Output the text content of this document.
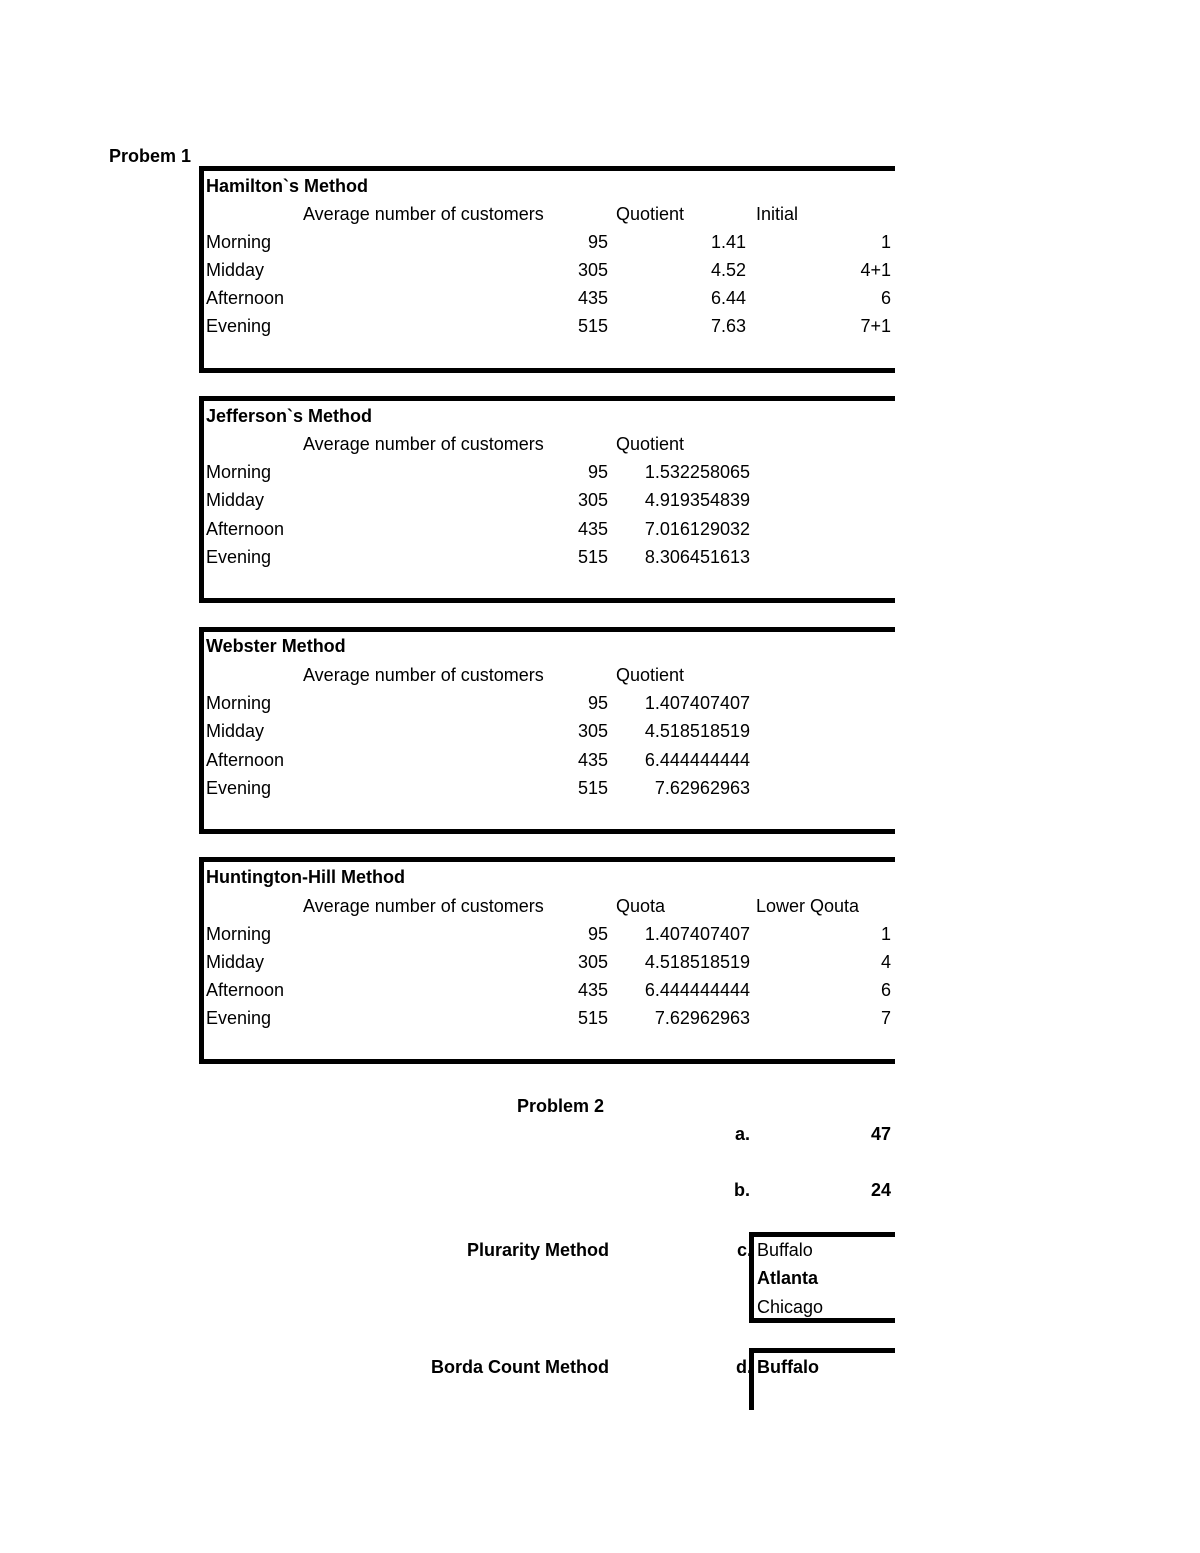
Probem 1
Hamilton`s Method
Average number of customers	Quotient	Initial
Morning	95	1.41	1
Midday	305	4.52	4+1
Afternoon	435	6.44	6
Evening	515	7.63	7+1
Jefferson`s Method
Average number of customers	Quotient
Morning	95	1.532258065
Midday	305	4.919354839
Afternoon	435	7.016129032
Evening	515	8.306451613
Webster Method
Average number of customers	Quotient
Morning	95	1.407407407
Midday	305	4.518518519
Afternoon	435	6.444444444
Evening	515	7.62962963
Huntington-Hill Method
Average number of customers	Quota	Lower Qouta
Morning	95	1.407407407	1
Midday	305	4.518518519	4
Afternoon	435	6.444444444	6
Evening	515	7.62962963	7
Problem 2
a.	47
b.	24
Plurarity Method	c. Buffalo
Atlanta
Chicago
Borda Count Method	d. Buffalo
